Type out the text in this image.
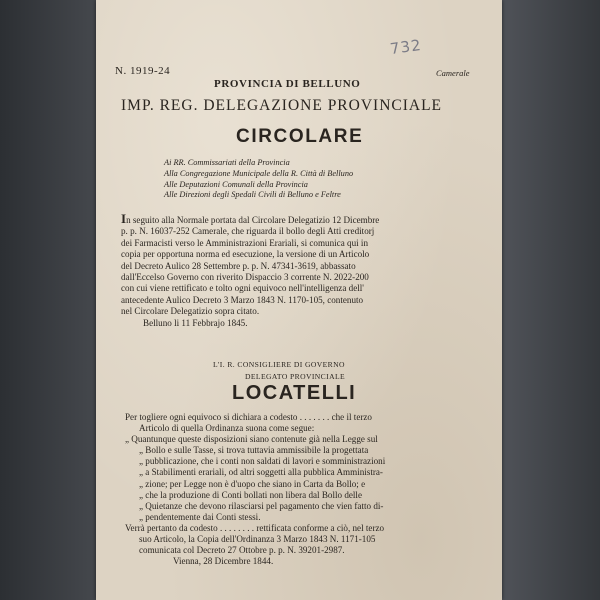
732
N. 1919-24
PROVINCIA DI BELLUNO
Camerale
IMP. REG. DELEGAZIONE PROVINCIALE
CIRCOLARE
Ai RR. Commissariati della Provincia
Alla Congregazione Municipale della R. Città di Belluno
Alle Deputazioni Comunali della Provincia
Alle Direzioni degli Spedali Civili di Belluno e Feltre
In seguito alla Normale portata dal Circolare Delegatizio 12 Dicembre
p. p. N. 16037-252 Camerale, che riguarda il bollo degli Atti creditorj
dei Farmacisti verso le Amministrazioni Erariali, si comunica qui in
copia per opportuna norma ed esecuzione, la versione di un Articolo
del Decreto Aulico 28 Settembre p. p. N. 47341-3619, abbassato
dall'Eccelso Governo con riverito Dispaccio 3 corrente N. 2022-200
con cui viene rettificato e tolto ogni equivoco nell'intelligenza dell'
antecedente Aulico Decreto 3 Marzo 1843 N. 1170-105, contenuto
nel Circolare Delegatizio sopra citato.
Belluno li 11 Febbrajo 1845.
L'I. R. CONSIGLIERE DI GOVERNO
DELEGATO PROVINCIALE
LOCATELLI
Per togliere ogni equivoco si dichiara a codesto . . . . . . . che il terzo
Articolo di quella Ordinanza suona come segue:
„ Quantunque queste disposizioni siano contenute già nella Legge sul
„ Bollo e sulle Tasse, si trova tuttavia ammissibile la progettata
„ pubblicazione, che i conti non saldati di lavori e somministrazioni
„ a Stabilimenti erariali, od altri soggetti alla pubblica Amministra-
„ zione; per Legge non è d'uopo che siano in Carta da Bollo; e
„ che la produzione di Conti bollati non libera dal Bollo delle
„ Quietanze che devono rilasciarsi pel pagamento che vien fatto di-
„ pendentemente dai Conti stessi.
Verrà pertanto da codesto . . . . . . . . rettificata conforme a ciò, nel terzo
suo Articolo, la Copia dell'Ordinanza 3 Marzo 1843 N. 1171-105
comunicata col Decreto 27 Ottobre p. p. N. 39201-2987.
Vienna, 28 Dicembre 1844.
